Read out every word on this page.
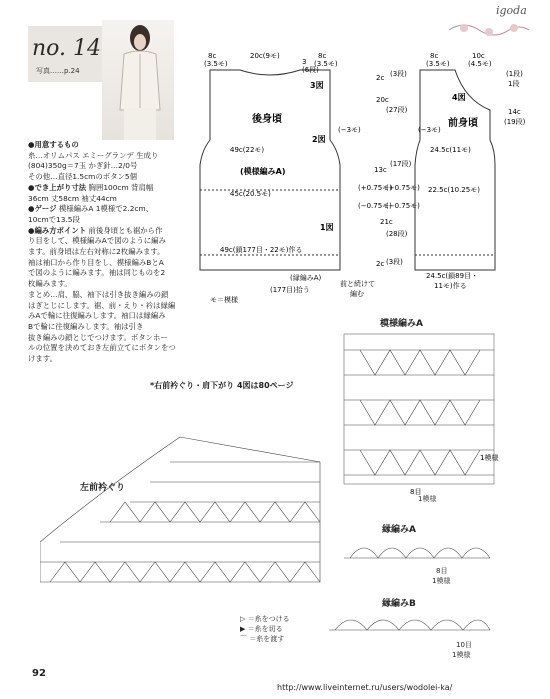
igoda
no. 14
写真……p.24

●用意するもの

糸…オリムパス エミーグランデ 生成り

(804)350g＝7玉 かぎ針…2/0号

その他…直径1.5cmのボタン5個

●でき上がり寸法 胸囲100cm 背肩幅

36cm 丈58cm 袖丈44cm

●ゲージ 模様編みA 1模様で2.2cm、

10cmで13.5段

●編み方ポイント 前後身頃とも裾から作

り目をして、模様編みAで図のように編み

ます。前身頃は左右対称に2枚編みます。

袖は袖口から作り目をし、模様編みBとA

で図のように編みます。袖は同じものを2

枚編みます。

まとめ…肩、脇、袖下は引き抜き編みの鎖

はぎとじにします。裾、前・えり・衿は縁編

みAで輪に往復編みします。袖口は縁編み

Bで輪に往復編みします。袖は引き

抜き編みの鎖とじでつけます。ボタンホー

ルの位置を決めておき左前立てにボタンをつ

けます。

*右前衿ぐり・肩下がり 4図は80ページ
8c
(3.5モ)
20c(9モ)
3
(6段)
8c
(3.5モ)
3図
後身頃
2図
(−3モ)
49c(22モ)
(模様編みA)
45c(20.5モ)
1図
49c(鎖177目・22モ)作る
(縁編みA)
(177目)拾う
前と続けて
編む
モ＝模様
2c (3段)
20c
(27段)
13c
(17段)
(+0.75モ)
(+0.75モ)
(−0.75モ)
(−0.75モ)
21c
(28段)
2c (3段)
8c
(3.5モ)
10c
(4.5モ)
4図
前身頃
(−3モ)
24.5c(11モ)
22.5c(10.25モ)
24.5c(鎖89目・
11モ)作る
1段
14c
(19段)
(1段)
模様編みA
1模様
8目
1模様
左前衿ぐり
縁編みA
8目
1模様
縁編みB
10目
1模様
▷ ＝糸をつける
▶ ＝糸を切る
⌒ ＝糸を渡す
92
http://www.liveinternet.ru/users/wodolei-ka/
